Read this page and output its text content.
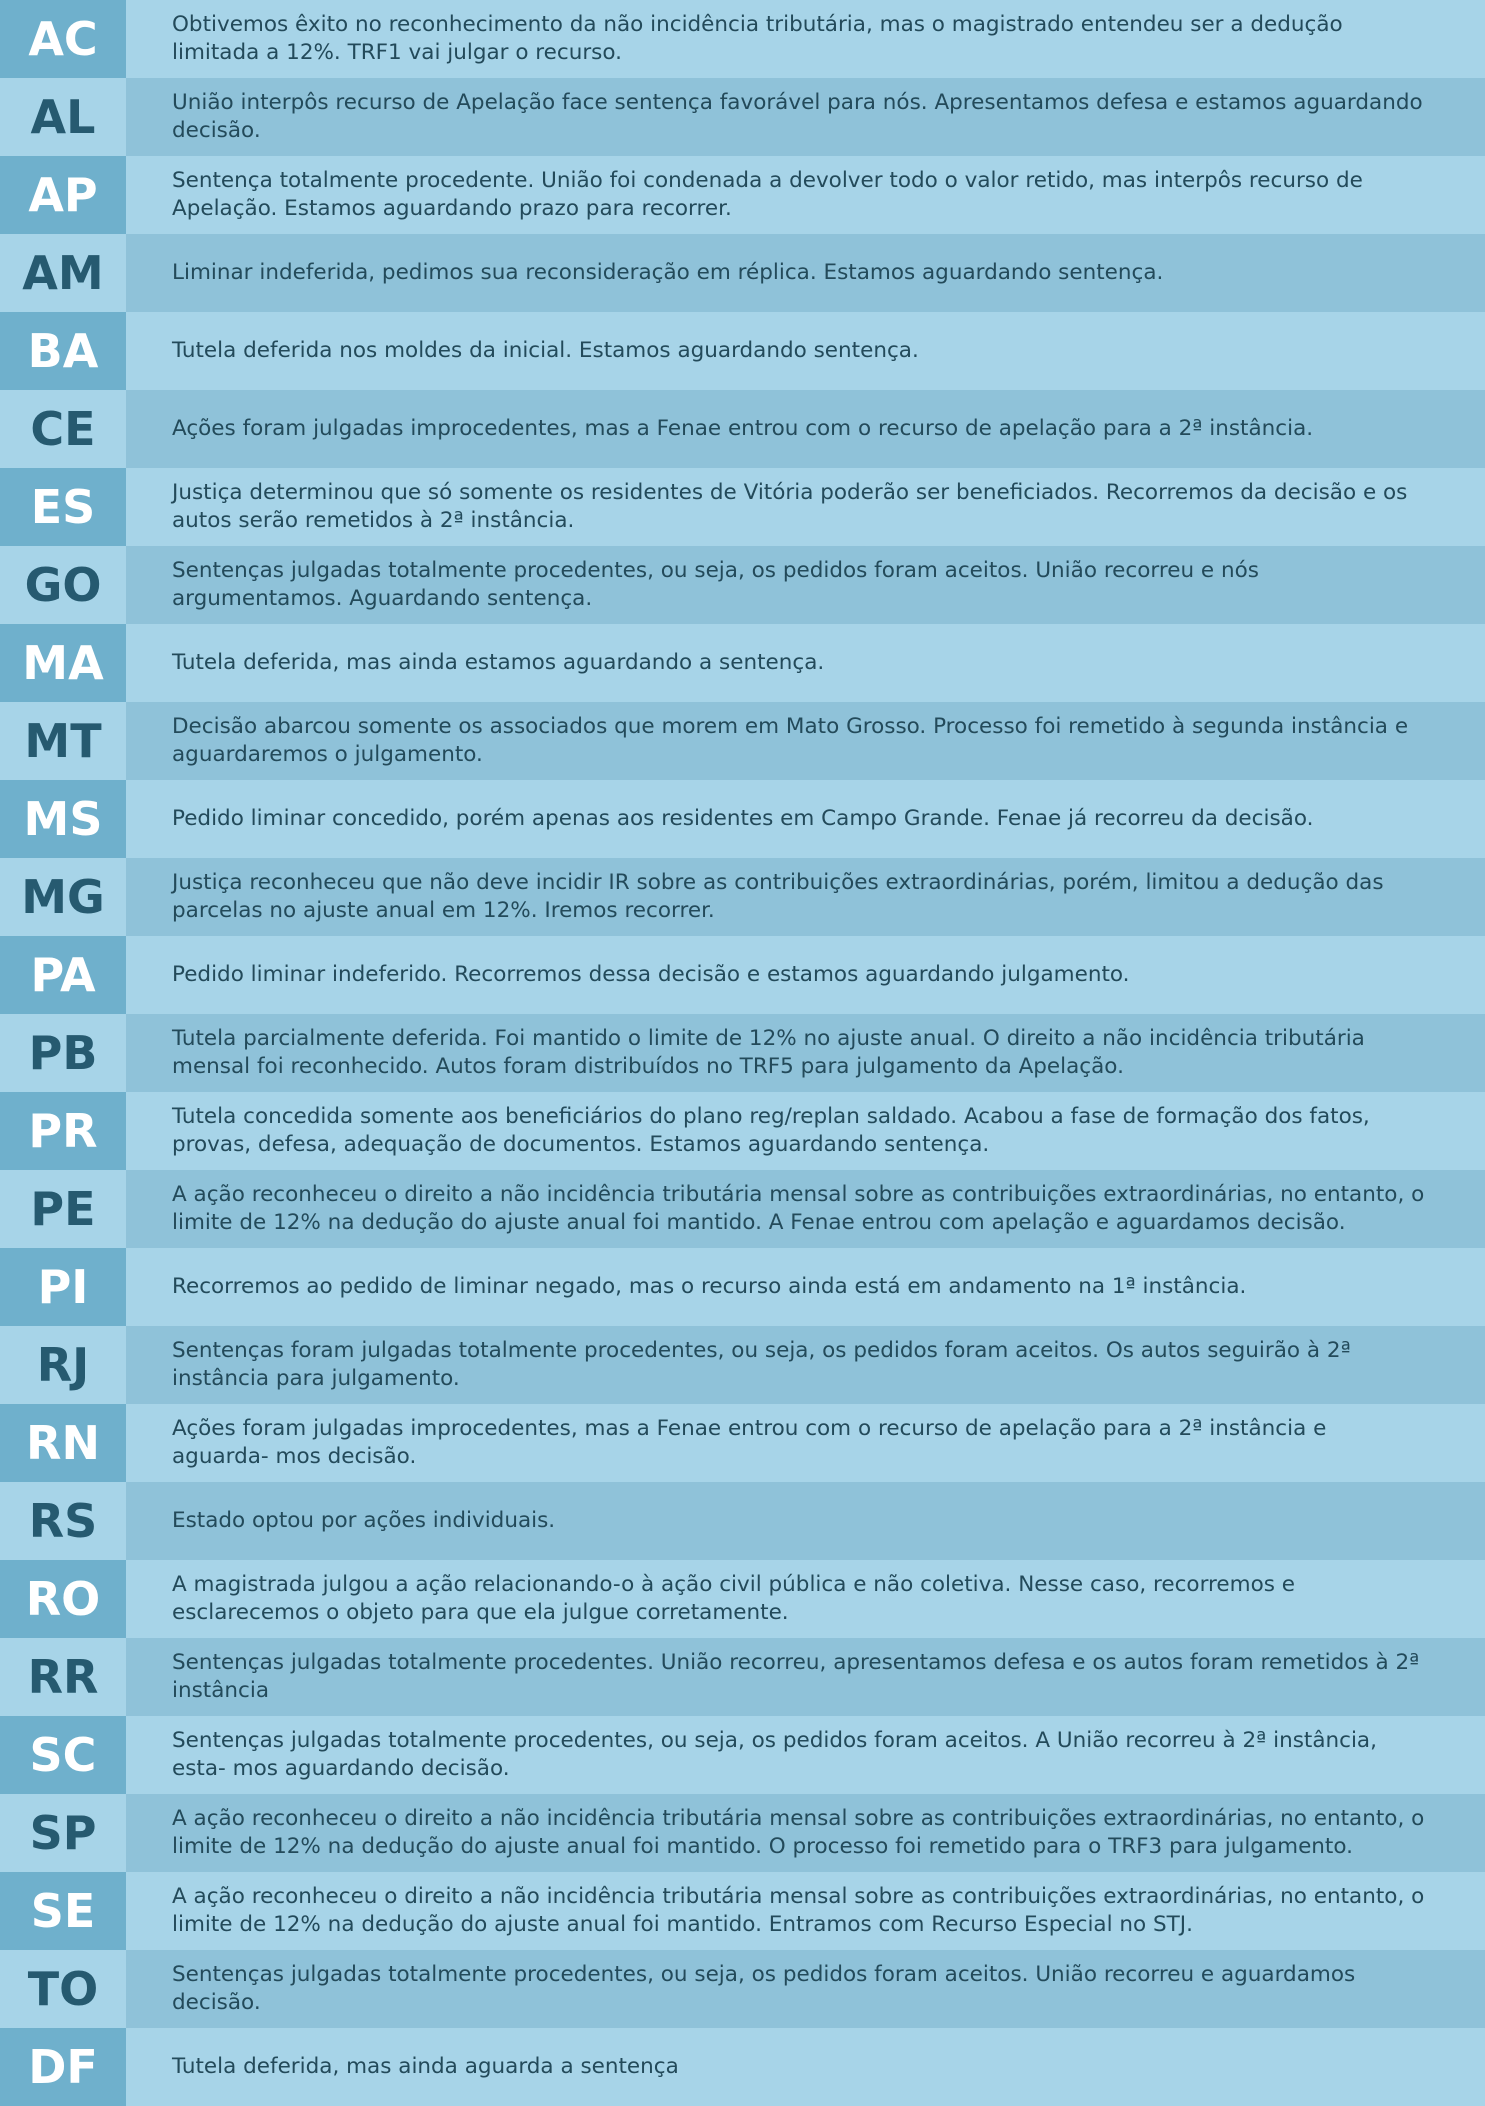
AC	Obtivemos êxito no reconhecimento da não incidência tributária, mas o magistrado entendeu ser a dedução limitada a 12%. TRF1 vai julgar o recurso.
AL	União interpôs recurso de Apelação face sentença favorável para nós. Apresentamos defesa e estamos aguardando decisão.
AP	Sentença totalmente procedente. União foi condenada a devolver todo o valor retido, mas interpôs recurso de Apelação. Estamos aguardando prazo para recorrer.
AM	Liminar indeferida, pedimos sua reconsideração em réplica. Estamos aguardando sentença.
BA	Tutela deferida nos moldes da inicial. Estamos aguardando sentença.
CE	Ações foram julgadas improcedentes, mas a Fenae entrou com o recurso de apelação para a 2ª instância.
ES	Justiça determinou que só somente os residentes de Vitória poderão ser beneficiados. Recorremos da decisão e os autos serão remetidos à 2ª instância.
GO	Sentenças julgadas totalmente procedentes, ou seja, os pedidos foram aceitos. União recorreu e nós argumentamos. Aguardando sentença.
MA	Tutela deferida, mas ainda estamos aguardando a sentença.
MT	Decisão abarcou somente os associados que morem em Mato Grosso. Processo foi remetido à segunda instância e aguardaremos o julgamento.
MS	Pedido liminar concedido, porém apenas aos residentes em Campo Grande. Fenae já recorreu da decisão.
MG	Justiça reconheceu que não deve incidir IR sobre as contribuições extraordinárias, porém, limitou a dedução das parcelas no ajuste anual em 12%. Iremos recorrer.
PA	Pedido liminar indeferido. Recorremos dessa decisão e estamos aguardando julgamento.
PB	Tutela parcialmente deferida. Foi mantido o limite de 12% no ajuste anual. O direito a não incidência tributária mensal foi reconhecido. Autos foram distribuídos no TRF5 para julgamento da Apelação.
PR	Tutela concedida somente aos beneficiários do plano reg/replan saldado. Acabou a fase de formação dos fatos, provas, defesa, adequação de documentos. Estamos aguardando sentença.
PE	A ação reconheceu o direito a não incidência tributária mensal sobre as contribuições extraordinárias, no entanto, o limite de 12% na dedução do ajuste anual foi mantido. A Fenae entrou com apelação e aguardamos decisão.
PI	Recorremos ao pedido de liminar negado, mas o recurso ainda está em andamento na 1ª instância.
RJ	Sentenças foram julgadas totalmente procedentes, ou seja, os pedidos foram aceitos. Os autos seguirão à 2ª instância para julgamento.
RN	Ações foram julgadas improcedentes, mas a Fenae entrou com o recurso de apelação para a 2ª instância e aguarda- mos decisão.
RS	Estado optou por ações individuais.
RO	A magistrada julgou a ação relacionando-o à ação civil pública e não coletiva. Nesse caso, recorremos e esclarecemos o objeto para que ela julgue corretamente.
RR	Sentenças julgadas totalmente procedentes. União recorreu, apresentamos defesa e os autos foram remetidos à 2ª instância
SC	Sentenças julgadas totalmente procedentes, ou seja, os pedidos foram aceitos. A União recorreu à 2ª instância, esta- mos aguardando decisão.
SP	A ação reconheceu o direito a não incidência tributária mensal sobre as contribuições extraordinárias, no entanto, o limite de 12% na dedução do ajuste anual foi mantido. O processo foi remetido para o TRF3 para julgamento.
SE	A ação reconheceu o direito a não incidência tributária mensal sobre as contribuições extraordinárias, no entanto, o limite de 12% na dedução do ajuste anual foi mantido. Entramos com Recurso Especial no STJ.
TO	Sentenças julgadas totalmente procedentes, ou seja, os pedidos foram aceitos. União recorreu e aguardamos decisão.
DF	Tutela deferida, mas ainda aguarda a sentença
